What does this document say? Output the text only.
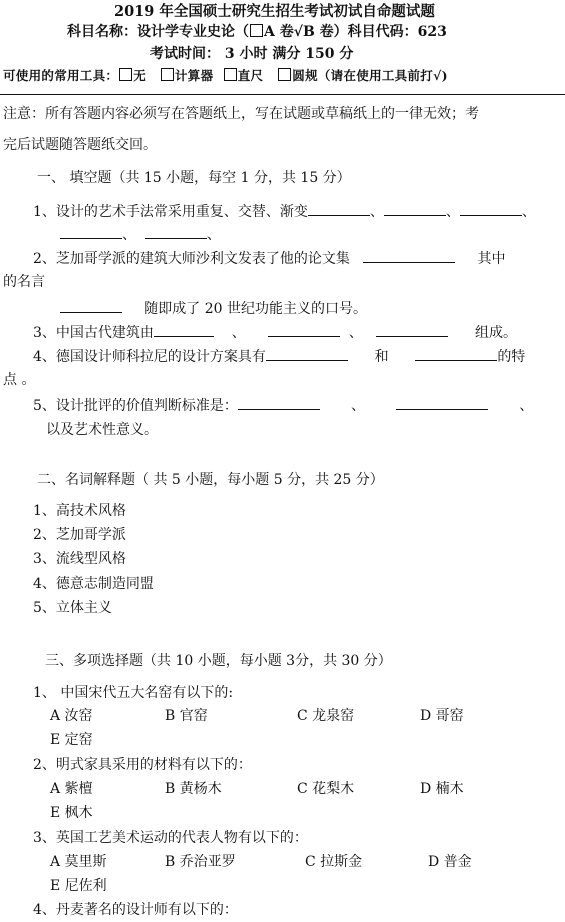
2019 年全国硕士研究生招生考试初试自命题试题
科目名称：设计学专业史论（ A 卷√B 卷）科目代码：623
考试时间： 3 小时 满分 150 分
可使用的常用工具： 无 计算器 直尺 圆规（请在使用工具前打√)
注意：所有答题内容必须写在答题纸上，写在试题或草稿纸上的一律无效；考
完后试题随答题纸交回。
一、 填空题（共 15 小题，每空 1 分，共 15 分）
1、设计的艺术手法常采用重复、交替、渐变	、	、	、
、	、
2、芝加哥学派的建筑大师沙利文发表了他的论文集	其中
的名言
随即成了 20 世纪功能主义的口号。
3、中国古代建筑由	、	、	组成。
4、德国设计师科拉尼的设计方案具有	和	的特
点 。
5、设计批评的价值判断标准是：	、	、
以及艺术性意义。
二、名词解释题（ 共 5 小题，每小题 5 分，共 25 分）
1、高技术风格
2、芝加哥学派
3、流线型风格
4、德意志制造同盟
5、立体主义
三、多项选择题（共 10 小题，每小题 3分，共 30 分）
1、 中国宋代五大名窑有以下的:
A 汝窑	B 官窑	C 龙泉窑	D 哥窑
E 定窑
2、明式家具采用的材料有以下的：
A 紫檀	B 黄杨木	C 花梨木	D 楠木
E 枫木
3、英国工艺美术运动的代表人物有以下的：
A 莫里斯	B 乔治亚罗	C 拉斯金	D 普金
E 尼佐利
4、丹麦著名的设计师有以下的：
